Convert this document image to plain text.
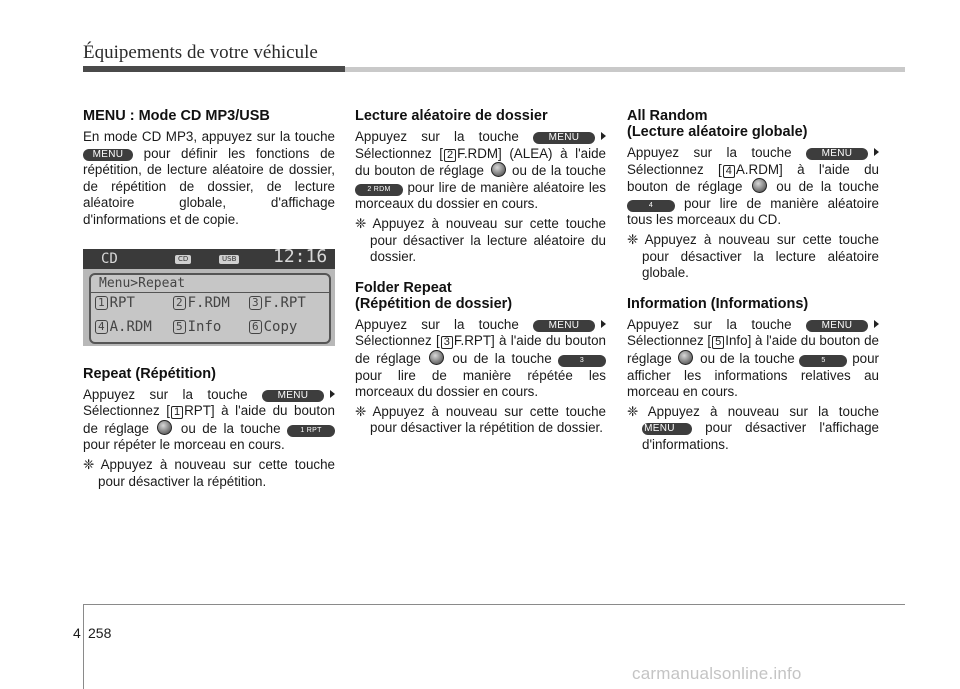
Équipements de votre véhicule
MENU : Mode CD MP3/USB

En mode CD MP3, appuyez sur la touche MENU pour définir les fonctions de répétition, de lecture aléatoire de dossier, de répétition de dossier, de lecture aléatoire globale, d'affichage d'informations et de copie.

CD	CD	USB 12:16
Menu>Repeat
1 RPT	2 F.RDM 3 F.RPT
4 A.RDM 5 Info	6 Copy
Repeat (Répétition)

Appuyez sur la touche	MENU Sélectionnez [ 1 RPT] à l'aide du bouton de réglage ou de la touche	1 RPT pour répéter le morceau en cours.

❈ Appuyez à nouveau sur cette touche pour désactiver la répétition.

Lecture aléatoire de dossier

Appuyez sur la touche	MENU Sélectionnez [ 2 F.RDM] (ALEA) à l'aide du bouton de réglage ou de la touche 2 RDM pour lire de manière aléatoire les morceaux du dossier en cours.

❈ Appuyez à nouveau sur cette touche pour désactiver la lecture aléatoire du dossier.

Folder Repeat
(Répétition de dossier)

Appuyez sur la touche	MENU Sélectionnez [ 3 F.RPT] à l'aide du bouton de réglage ou de la touche	3 pour lire de manière répétée les morceaux du dossier en cours.

❈ Appuyez à nouveau sur cette touche pour désactiver la répétition de dossier.

All Random
(Lecture aléatoire globale)

Appuyez sur la touche	MENU Sélectionnez [ 4 A.RDM] à l'aide du bouton de réglage	ou de la touche 4 pour lire de manière aléatoire tous les morceaux du CD.

❈ Appuyez à nouveau sur cette touche pour désactiver la lecture aléatoire globale.

Information (Informations)

Appuyez sur la touche	MENU Sélectionnez [ 5 Info] à l'aide du bouton de réglage ou de la touche	5 pour afficher les informations relatives au morceau en cours.

❈ Appuyez à nouveau sur la touche MENU pour désactiver l'affichage d'informations.

4 258
carmanualsonline.info
